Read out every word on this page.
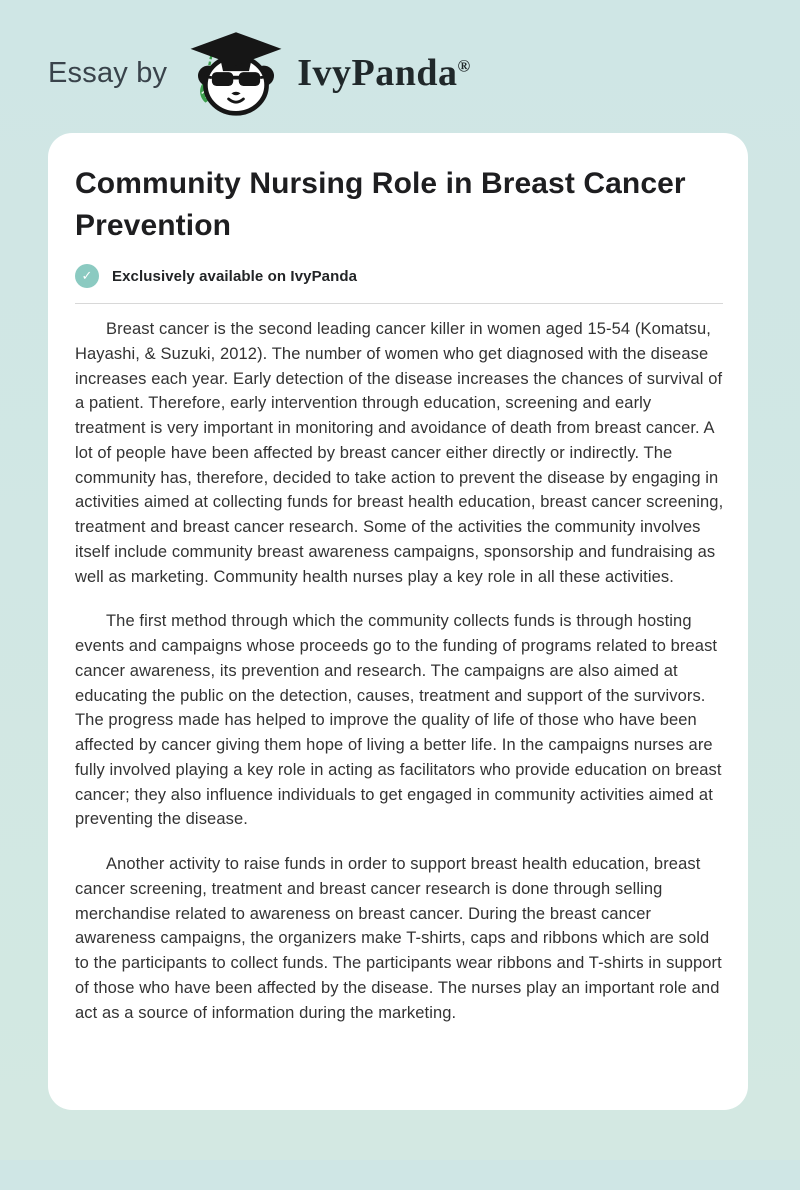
Essay by	IvyPanda®
Community Nursing Role in Breast Cancer Prevention
✓	Exclusively available on IvyPanda

Breast cancer is the second leading cancer killer in women aged 15-54 (Komatsu, Hayashi, & Suzuki, 2012). The number of women who get diagnosed with the disease increases each year. Early detection of the disease increases the chances of survival of a patient. Therefore, early intervention through education, screening and early treatment is very important in monitoring and avoidance of death from breast cancer. A lot of people have been affected by breast cancer either directly or indirectly. The community has, therefore, decided to take action to prevent the disease by engaging in activities aimed at collecting funds for breast health education, breast cancer screening, treatment and breast cancer research. Some of the activities the community involves itself include community breast awareness campaigns, sponsorship and fundraising as well as marketing. Community health nurses play a key role in all these activities.

The first method through which the community collects funds is through hosting events and campaigns whose proceeds go to the funding of programs related to breast cancer awareness, its prevention and research. The campaigns are also aimed at educating the public on the detection, causes, treatment and support of the survivors. The progress made has helped to improve the quality of life of those who have been affected by cancer giving them hope of living a better life. In the campaigns nurses are fully involved playing a key role in acting as facilitators who provide education on breast cancer; they also influence individuals to get engaged in community activities aimed at preventing the disease.

Another activity to raise funds in order to support breast health education, breast cancer screening, treatment and breast cancer research is done through selling merchandise related to awareness on breast cancer. During the breast cancer awareness campaigns, the organizers make T-shirts, caps and ribbons which are sold to the participants to collect funds. The participants wear ribbons and T-shirts in support of those who have been affected by the disease. The nurses play an important role and act as a source of information during the marketing.
